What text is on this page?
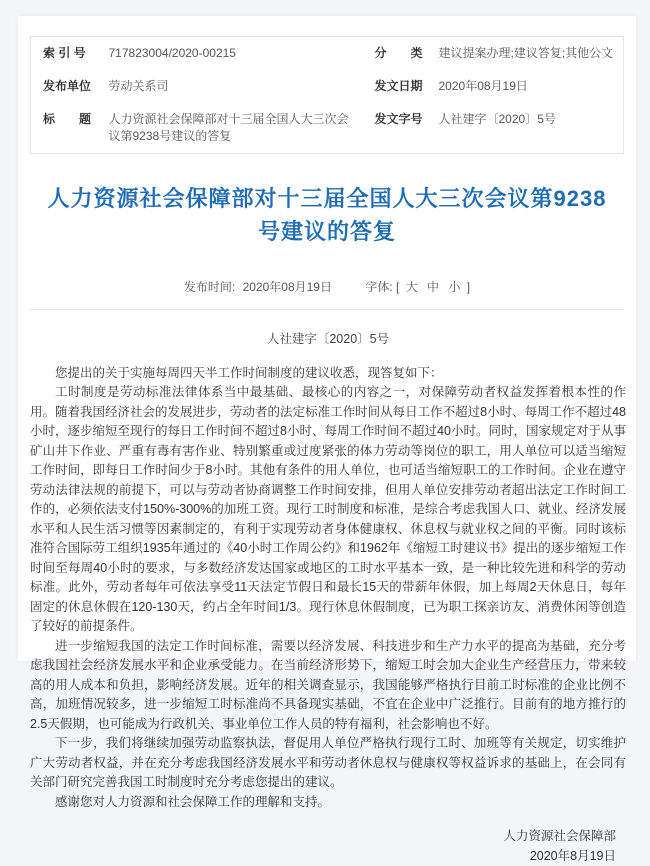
索 引 号	717823004/2020-00215	分　　类	建议提案办理;建议答复;其他公文
发布单位	劳动关系司	发文日期	2020年08月19日
标　　题	人力资源社会保障部对十三届全国人大三次会议第9238号建议的答复	发文字号	人社建字〔2020〕5号
人力资源社会保障部对十三届全国人大三次会议第9238号建议的答复
发布时间: 2020年08月19日	字体: [ 大 中 小 ]
人社建字〔2020〕5号

您提出的关于实施每周四天半工作时间制度的建议收悉，现答复如下：

工时制度是劳动标准法律体系当中最基础、最核心的内容之一，对保障劳动者权益发挥着根本性的作用。随着我国经济社会的发展进步，劳动者的法定标准工作时间从每日工作不超过8小时、每周工作不超过48小时，逐步缩短至现行的每日工作时间不超过8小时、每周工作时间不超过40小时。同时，国家规定对于从事矿山井下作业、严重有毒有害作业、特别繁重或过度紧张的体力劳动等岗位的职工，用人单位可以适当缩短工作时间，即每日工作时间少于8小时。其他有条件的用人单位，也可适当缩短职工的工作时间。企业在遵守劳动法律法规的前提下，可以与劳动者协商调整工作时间安排，但用人单位安排劳动者超出法定工作时间工作的，必须依法支付150%-300%的加班工资。现行工时制度和标准，是综合考虑我国人口、就业、经济发展水平和人民生活习惯等因素制定的，有利于实现劳动者身体健康权、休息权与就业权之间的平衡。同时该标准符合国际劳工组织1935年通过的《40小时工作周公约》和1962年《缩短工时建议书》提出的逐步缩短工作时间至每周40小时的要求，与多数经济发达国家或地区的工时水平基本一致，是一种比较先进和科学的劳动标准。此外，劳动者每年可依法享受11天法定节假日和最长15天的带薪年休假，加上每周2天休息日，每年固定的休息休假在120-130天，约占全年时间1/3。现行休息休假制度，已为职工探亲访友、消费休闲等创造了较好的前提条件。

进一步缩短我国的法定工作时间标准，需要以经济发展、科技进步和生产力水平的提高为基础，充分考虑我国社会经济发展水平和企业承受能力。在当前经济形势下，缩短工时会加大企业生产经营压力，带来较高的用人成本和负担，影响经济发展。近年的相关调查显示，我国能够严格执行目前工时标准的企业比例不高，加班情况较多，进一步缩短工时标准尚不具备现实基础，不宜在企业中广泛推行。目前有的地方推行的2.5天假期，也可能成为行政机关、事业单位工作人员的特有福利，社会影响也不好。

下一步，我们将继续加强劳动监察执法，督促用人单位严格执行现行工时、加班等有关规定，切实维护广大劳动者权益，并在充分考虑我国经济发展水平和劳动者休息权与健康权等权益诉求的基础上，在会同有关部门研究完善我国工时制度时充分考虑您提出的建议。

感谢您对人力资源和社会保障工作的理解和支持。

人力资源社会保障部
2020年8月19日
